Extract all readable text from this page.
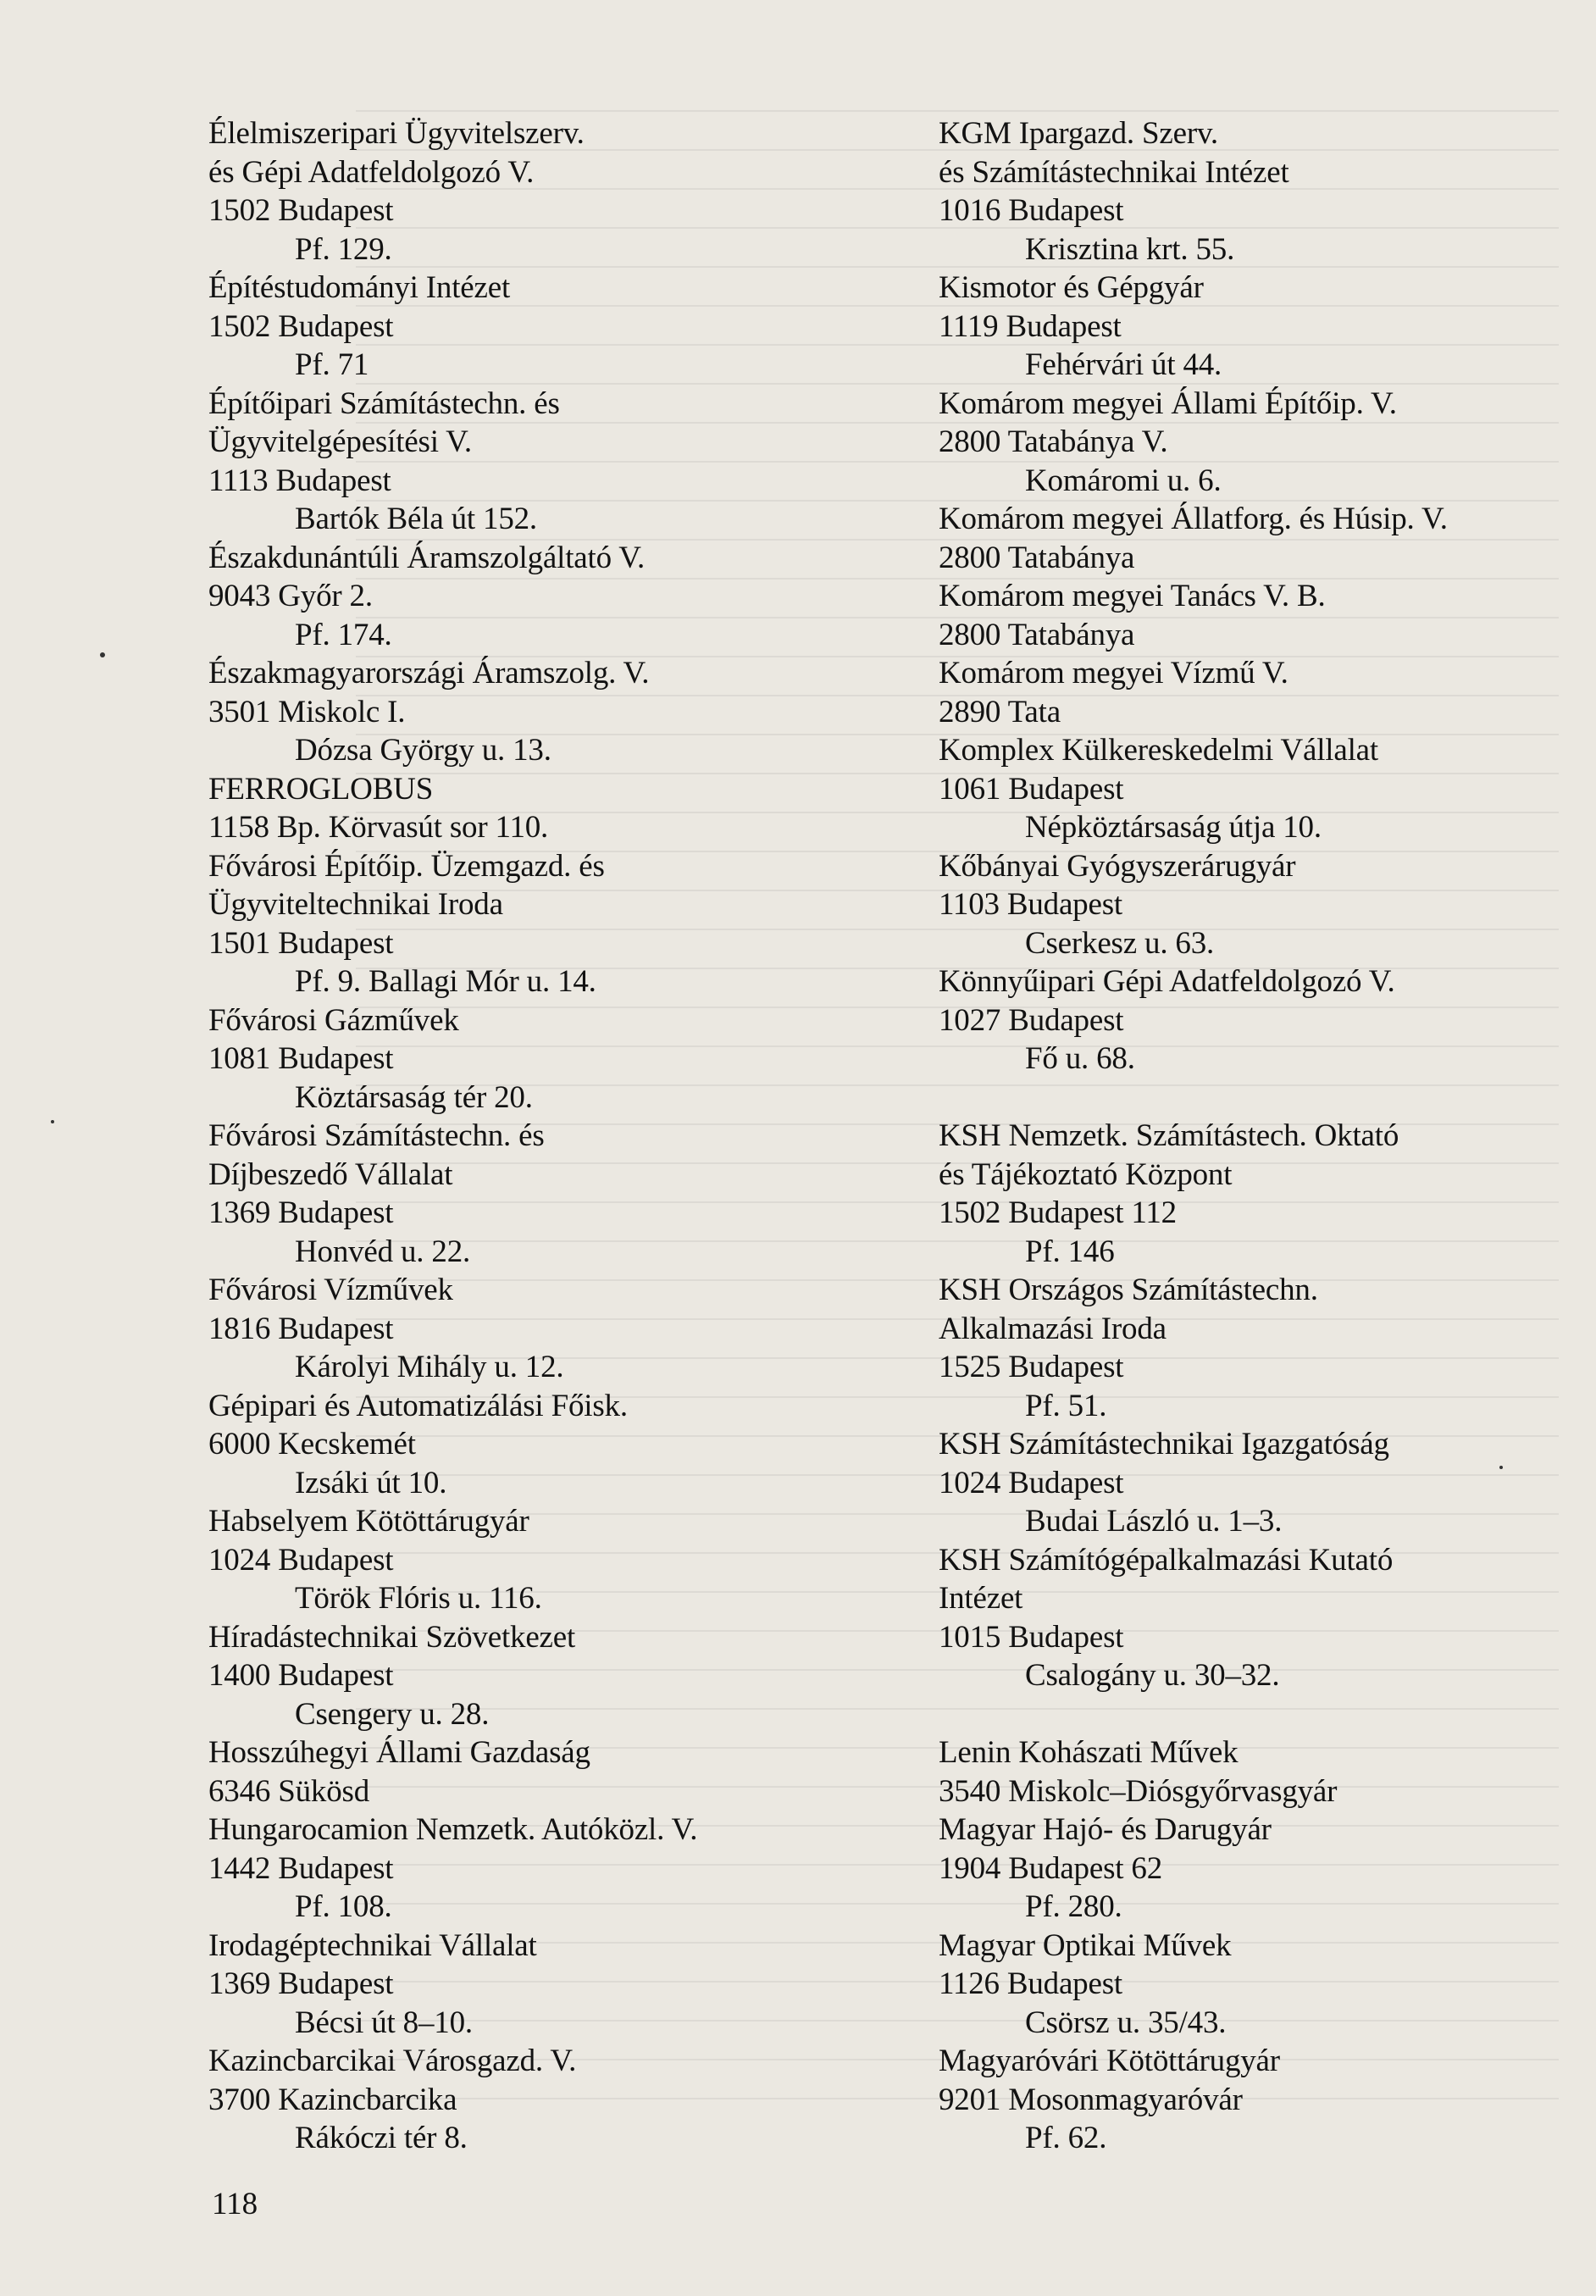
Élelmiszeripari Ügyvitelszerv.
és Gépi Adatfeldolgozó V.
1502 Budapest
Pf. 129.
Építéstudományi Intézet
1502 Budapest
Pf. 71
Építőipari Számítástechn. és
Ügyvitelgépesítési V.
1113 Budapest
Bartók Béla út 152.
Északdunántúli Áramszolgáltató V.
9043 Győr 2.
Pf. 174.
Északmagyarországi Áramszolg. V.
3501 Miskolc I.
Dózsa György u. 13.
FERROGLOBUS
1158 Bp. Körvasút sor 110.
Fővárosi Építőip. Üzemgazd. és
Ügyviteltechnikai Iroda
1501 Budapest
Pf. 9. Ballagi Mór u. 14.
Fővárosi Gázművek
1081 Budapest
Köztársaság tér 20.
Fővárosi Számítástechn. és
Díjbeszedő Vállalat
1369 Budapest
Honvéd u. 22.
Fővárosi Vízművek
1816 Budapest
Károlyi Mihály u. 12.
Gépipari és Automatizálási Főisk.
6000 Kecskemét
Izsáki út 10.
Habselyem Kötöttárugyár
1024 Budapest
Török Flóris u. 116.
Híradástechnikai Szövetkezet
1400 Budapest
Csengery u. 28.
Hosszúhegyi Állami Gazdaság
6346 Sükösd
Hungarocamion Nemzetk. Autóközl. V.
1442 Budapest
Pf. 108.
Irodagéptechnikai Vállalat
1369 Budapest
Bécsi út 8–10.
Kazincbarcikai Városgazd. V.
3700 Kazincbarcika
Rákóczi tér 8.
KGM Ipargazd. Szerv.
és Számítástechnikai Intézet
1016 Budapest
Krisztina krt. 55.
Kismotor és Gépgyár
1119 Budapest
Fehérvári út 44.
Komárom megyei Állami Építőip. V.
2800 Tatabánya V.
Komáromi u. 6.
Komárom megyei Állatforg. és Húsip. V.
2800 Tatabánya
Komárom megyei Tanács V. B.
2800 Tatabánya
Komárom megyei Vízmű V.
2890 Tata
Komplex Külkereskedelmi Vállalat
1061 Budapest
Népköztársaság útja 10.
Kőbányai Gyógyszerárugyár
1103 Budapest
Cserkesz u. 63.
Könnyűipari Gépi Adatfeldolgozó V.
1027 Budapest
Fő u. 68.
KSH Nemzetk. Számítástech. Oktató
és Tájékoztató Központ
1502 Budapest 112
Pf. 146
KSH Országos Számítástechn.
Alkalmazási Iroda
1525 Budapest
Pf. 51.
KSH Számítástechnikai Igazgatóság
1024 Budapest
Budai László u. 1–3.
KSH Számítógépalkalmazási Kutató
Intézet
1015 Budapest
Csalogány u. 30–32.
Lenin Kohászati Művek
3540 Miskolc–Diósgyőrvasgyár
Magyar Hajó- és Darugyár
1904 Budapest 62
Pf. 280.
Magyar Optikai Művek
1126 Budapest
Csörsz u. 35/43.
Magyaróvári Kötöttárugyár
9201 Mosonmagyaróvár
Pf. 62.
118
